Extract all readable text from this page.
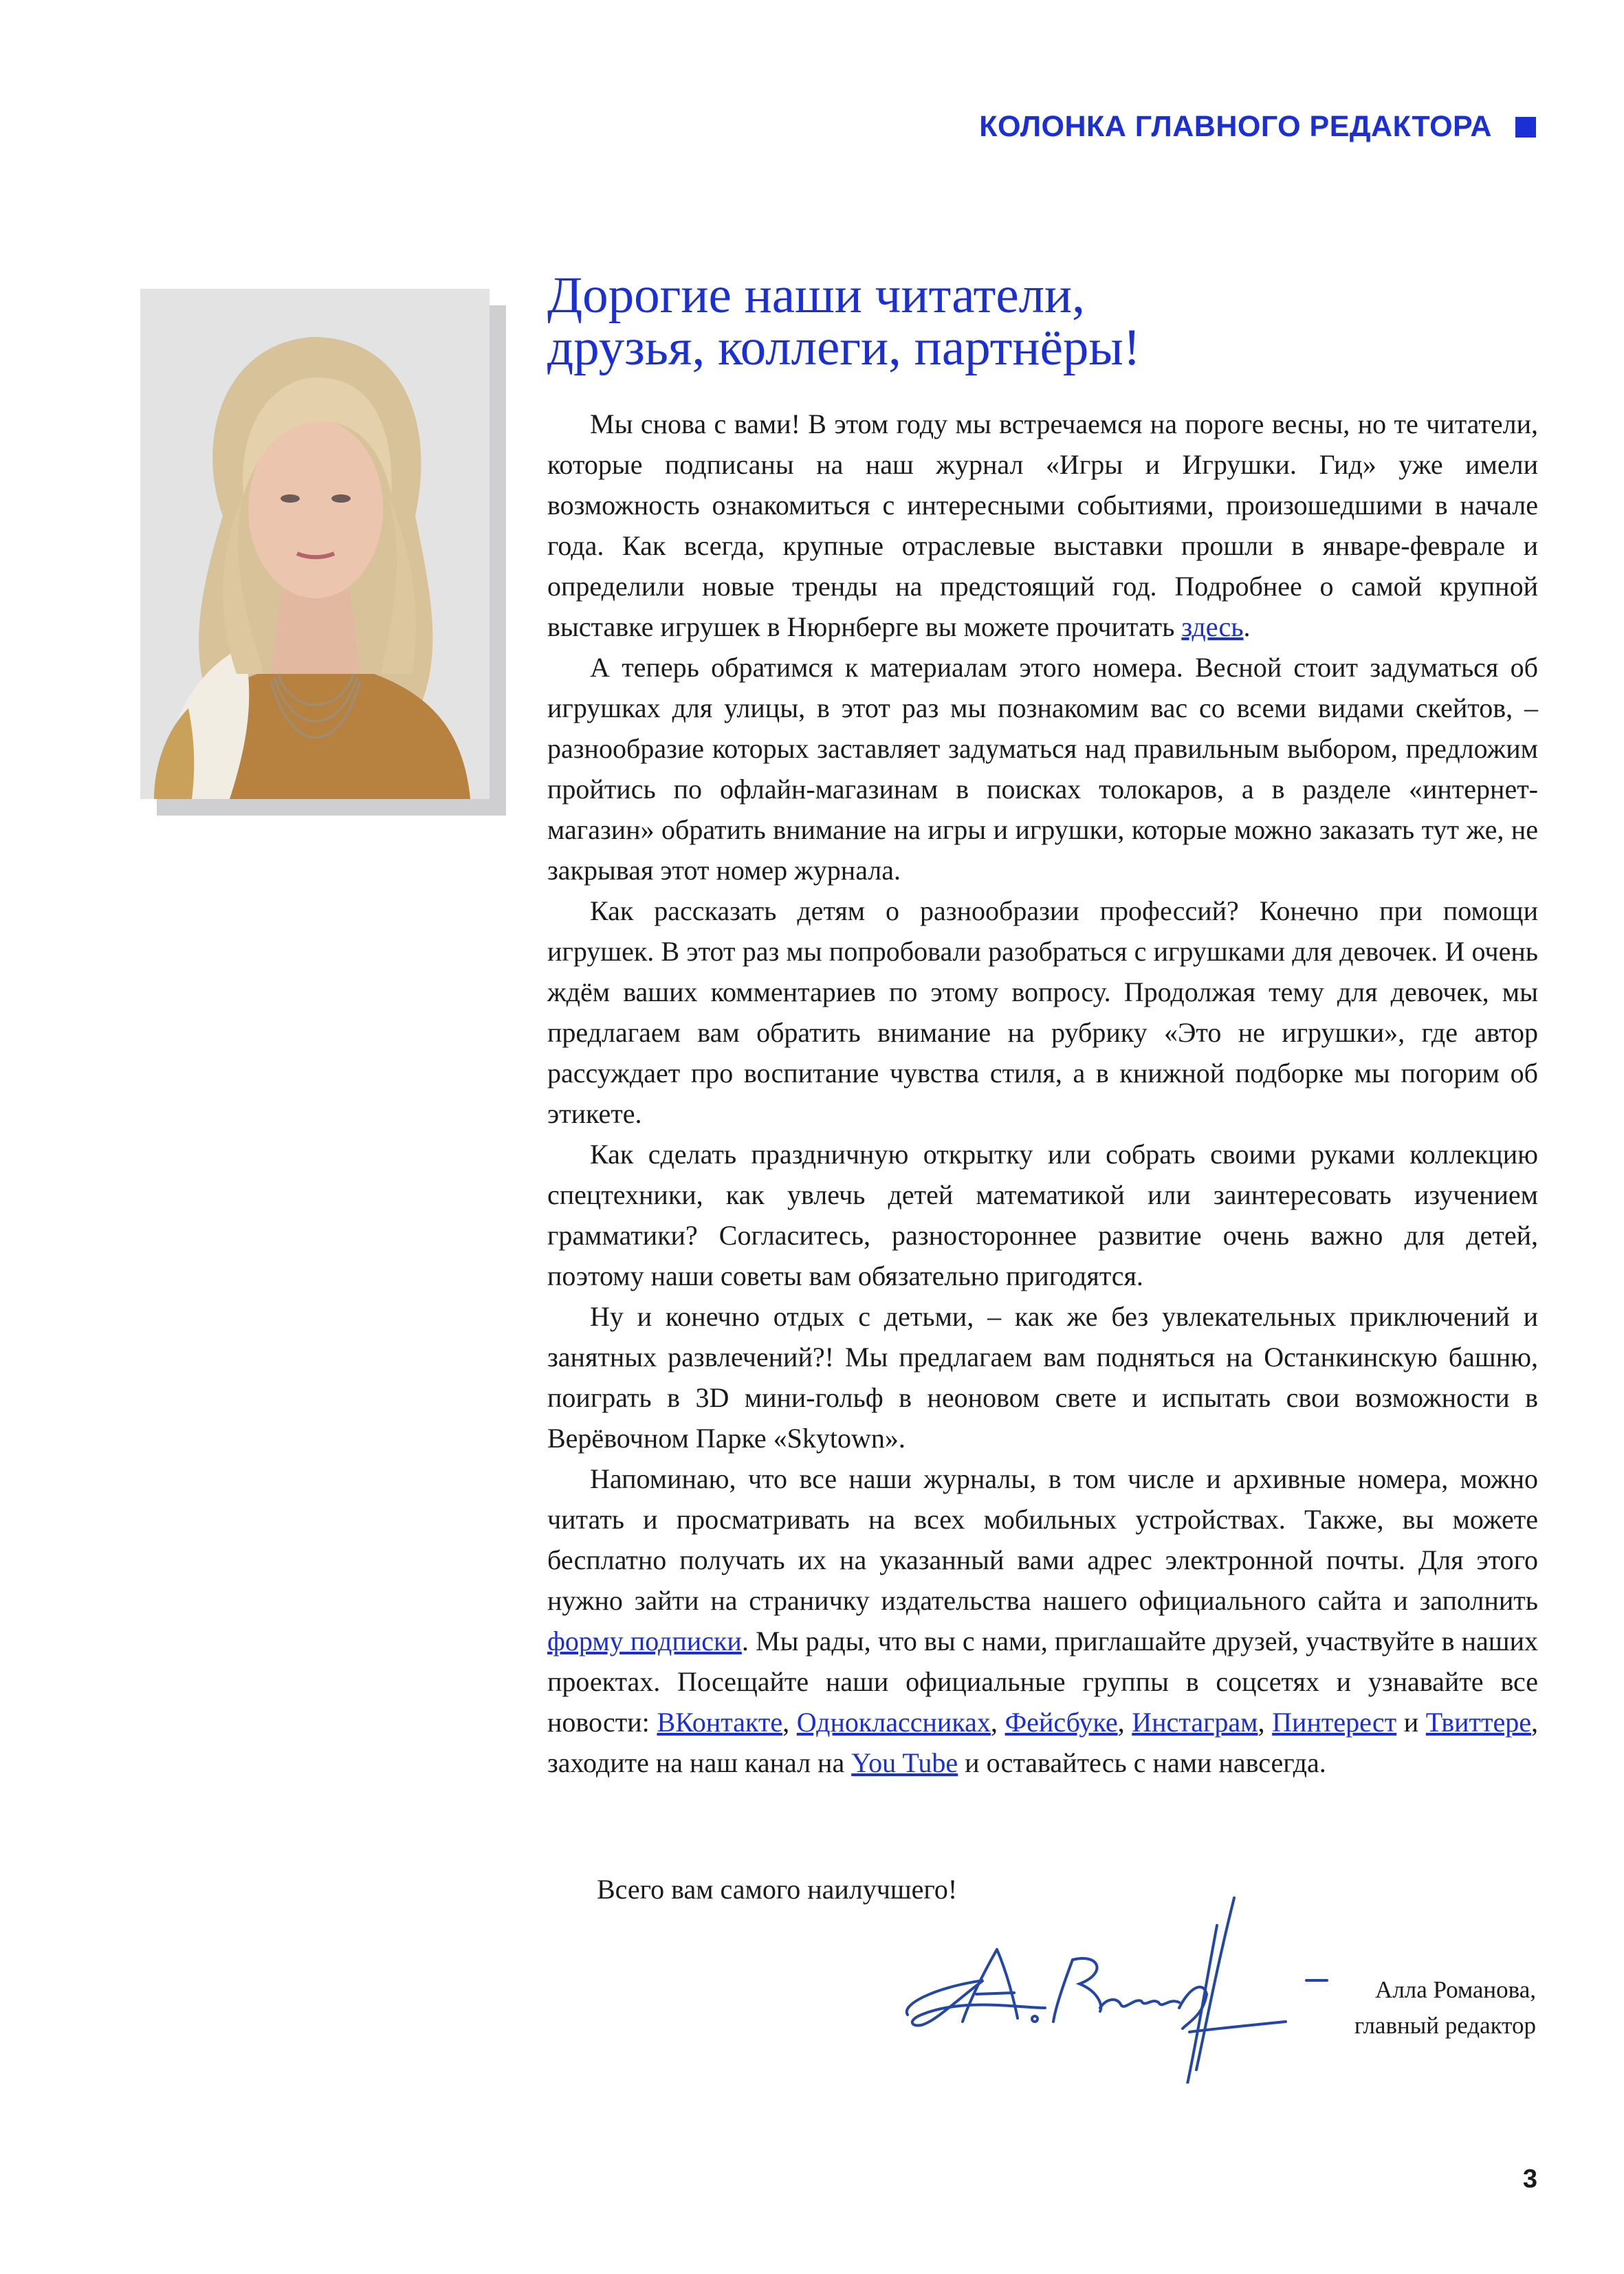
КОЛОНКА ГЛАВНОГО РЕДАКТОРА
Дорогие наши читатели,
друзья, коллеги, партнёры!

Мы снова с вами! В этом году мы встречаемся на пороге весны, но те читатели, которые подписаны на наш журнал «Игры и Игрушки. Гид» уже имели возможность ознакомиться с интересными событиями, произошедшими в начале года. Как всегда, крупные отраслевые выставки прошли в январе-феврале и определили новые тренды на предстоящий год. Подробнее о самой крупной выставке игрушек в Нюрнберге вы можете прочитать здесь.

А теперь обратимся к материалам этого номера. Весной стоит задуматься об игрушках для улицы, в этот раз мы познакомим вас со всеми видами скейтов, – разнообразие которых заставляет задуматься над правильным выбором, предложим пройтись по офлайн-магазинам в поисках толокаров, а в разделе «интернет-магазин» обратить внимание на игры и игрушки, которые можно заказать тут же, не закрывая этот номер журнала.

Как рассказать детям о разнообразии профессий? Конечно при помощи игрушек. В этот раз мы попробовали разобраться с игрушками для девочек. И очень ждём ваших комментариев по этому вопросу. Продолжая тему для девочек, мы предлагаем вам обратить внимание на рубрику «Это не игрушки», где автор рассуждает про воспитание чувства стиля, а в книжной подборке мы погорим об этикете.

Как сделать праздничную открытку или собрать своими руками коллекцию спецтехники, как увлечь детей математикой или заинтересовать изучением грамматики? Согласитесь, разностороннее развитие очень важно для детей, поэтому наши советы вам обязательно пригодятся.

Ну и конечно отдых с детьми, – как же без увлекательных приключений и занятных развлечений?! Мы предлагаем вам подняться на Останкинскую башню, поиграть в 3D мини-гольф в неоновом свете и испытать свои возможности в Верёвочном Парке «Skytown».

Напоминаю, что все наши журналы, в том числе и архивные номера, можно читать и просматривать на всех мобильных устройствах. Также, вы можете бесплатно получать их на указанный вами адрес электронной почты. Для этого нужно зайти на страничку издательства нашего официального сайта и заполнить форму подписки. Мы рады, что вы с нами, приглашайте друзей, участвуйте в наших проектах. Посещайте наши официальные группы в соцсетях и узнавайте все новости: ВКонтакте, Одноклассниках, Фейсбуке, Инстаграм, Пинтерест и Твиттере, заходите на наш канал на You Tube и оставайтесь с нами навсегда.

Всего вам самого наилучшего!
Алла Романова,
главный редактор
3
